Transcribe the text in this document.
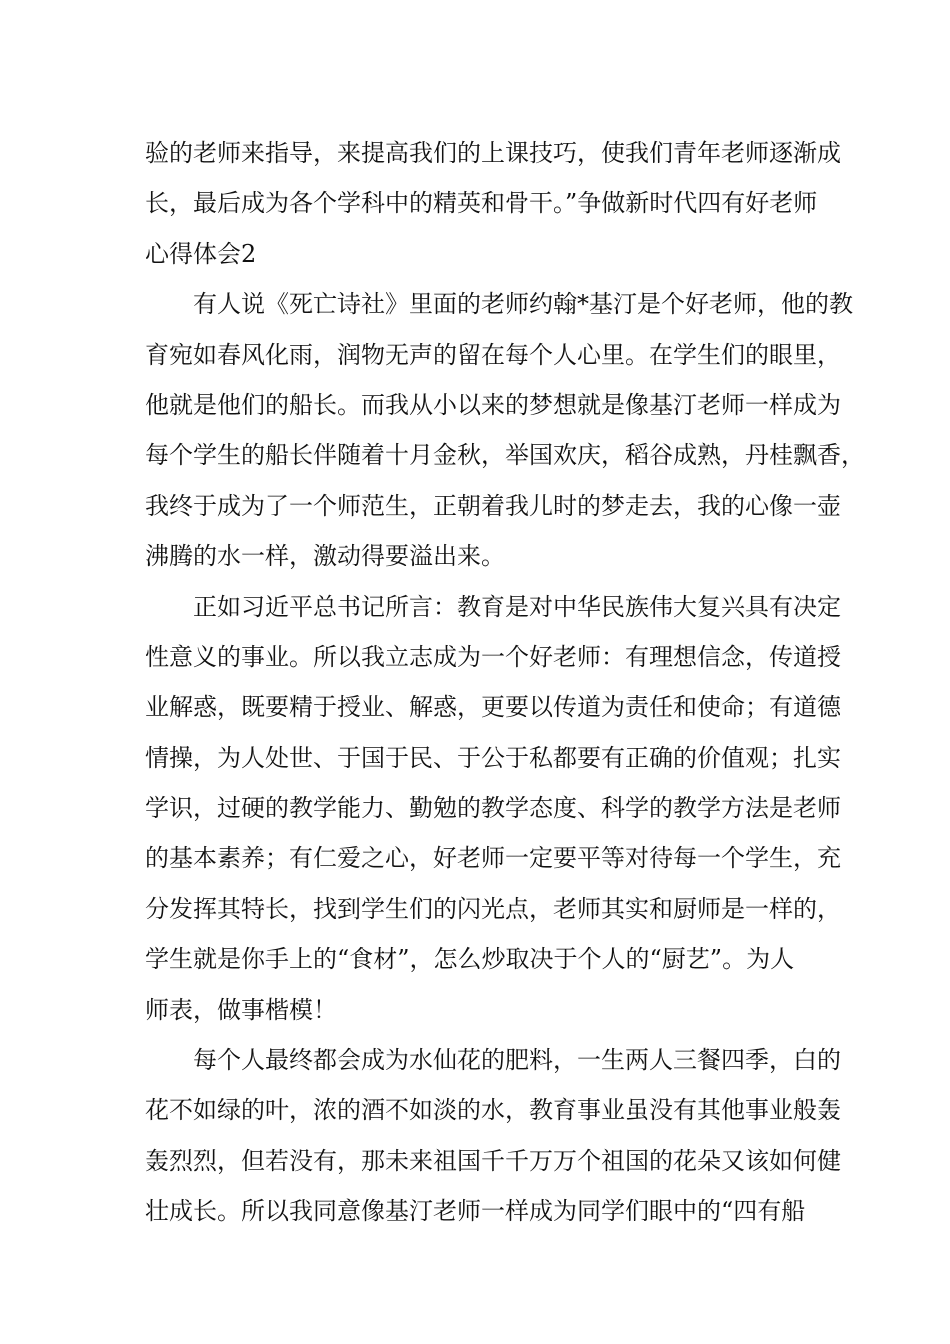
验的老师来指导，来提高我们的上课技巧，使我们青年老师逐渐成
长，最后成为各个学科中的精英和骨干。”争做新时代四有好老师
心得体会2
　　有人说《死亡诗社》里面的老师约翰*基汀是个好老师，他的教
育宛如春风化雨，润物无声的留在每个人心里。在学生们的眼里，
他就是他们的船长。而我从小以来的梦想就是像基汀老师一样成为
每个学生的船长伴随着十月金秋，举国欢庆，稻谷成熟，丹桂飘香，
我终于成为了一个师范生，正朝着我儿时的梦走去，我的心像一壶
沸腾的水一样，激动得要溢出来。
　　正如习近平总书记所言：教育是对中华民族伟大复兴具有决定
性意义的事业。所以我立志成为一个好老师：有理想信念，传道授
业解惑，既要精于授业、解惑，更要以传道为责任和使命；有道德
情操，为人处世、于国于民、于公于私都要有正确的价值观；扎实
学识，过硬的教学能力、勤勉的教学态度、科学的教学方法是老师
的基本素养；有仁爱之心，好老师一定要平等对待每一个学生，充
分发挥其特长，找到学生们的闪光点，老师其实和厨师是一样的，
学生就是你手上的“食材”，怎么炒取决于个人的“厨艺”。为人
师表，做事楷模！
　　每个人最终都会成为水仙花的肥料，一生两人三餐四季，白的
花不如绿的叶，浓的酒不如淡的水，教育事业虽没有其他事业般轰
轰烈烈，但若没有，那未来祖国千千万万个祖国的花朵又该如何健
壮成长。所以我同意像基汀老师一样成为同学们眼中的“四有船
